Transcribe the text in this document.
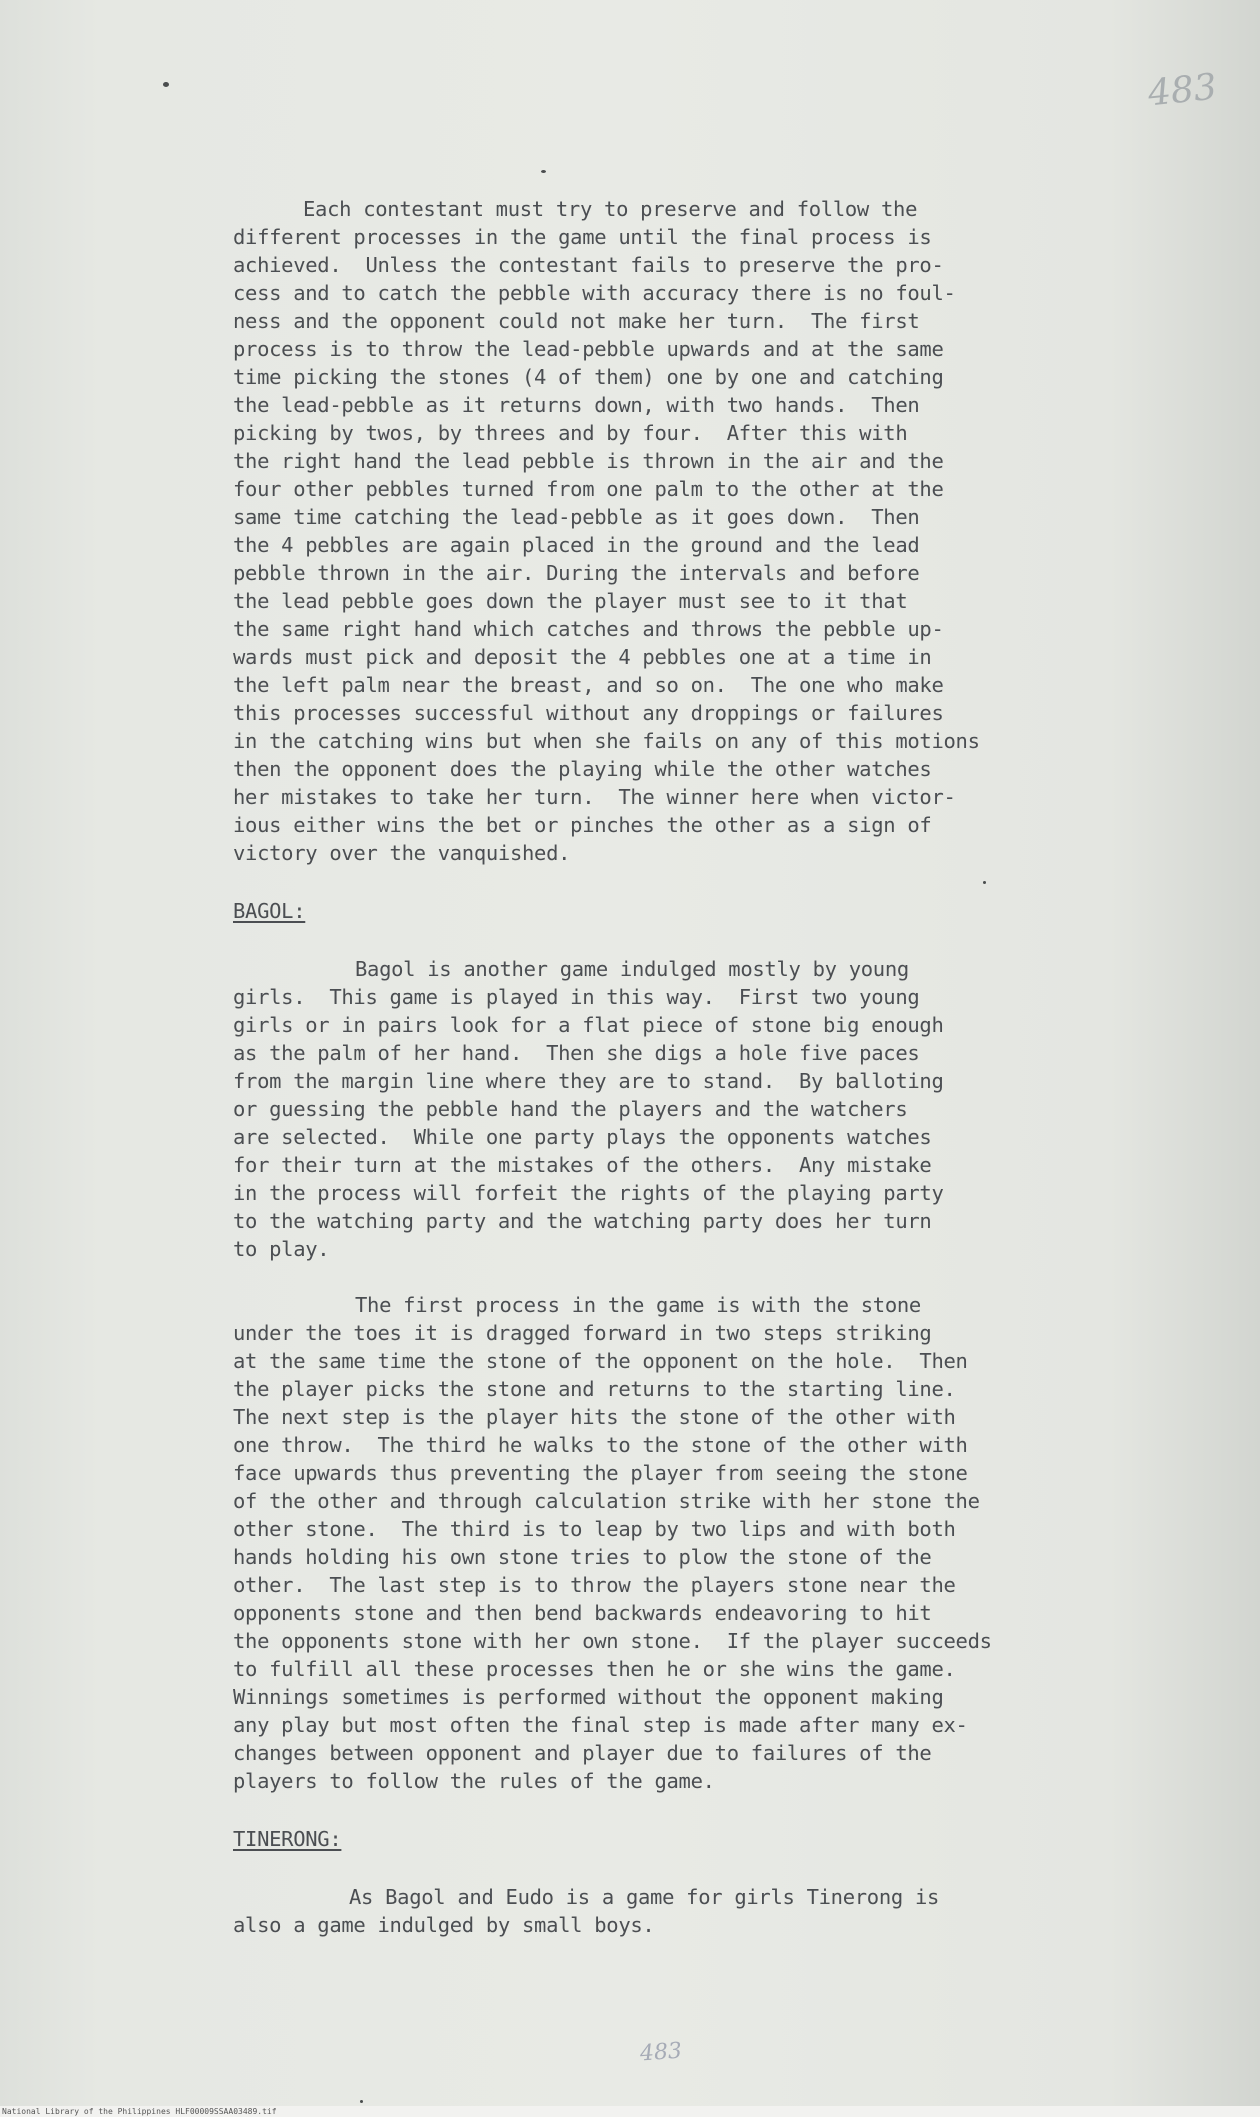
483

Each contestant must try to preserve and follow the
different processes in the game until the final process is
achieved.  Unless the contestant fails to preserve the pro-
cess and to catch the pebble with accuracy there is no foul-
ness and the opponent could not make her turn.  The first
process is to throw the lead-pebble upwards and at the same
time picking the stones (4 of them) one by one and catching
the lead-pebble as it returns down, with two hands.  Then
picking by twos, by threes and by four.  After this with
the right hand the lead pebble is thrown in the air and the
four other pebbles turned from one palm to the other at the
same time catching the lead-pebble as it goes down.  Then
the 4 pebbles are again placed in the ground and the lead
pebble thrown in the air. During the intervals and before
the lead pebble goes down the player must see to it that
the same right hand which catches and throws the pebble up-
wards must pick and deposit the 4 pebbles one at a time in
the left palm near the breast, and so on.  The one who make
this processes successful without any droppings or failures
in the catching wins but when she fails on any of this motions
then the opponent does the playing while the other watches
her mistakes to take her turn.  The winner here when victor-
ious either wins the bet or pinches the other as a sign of
victory over the vanquished.

BAGOL:

Bagol is another game indulged mostly by young
girls.  This game is played in this way.  First two young
girls or in pairs look for a flat piece of stone big enough
as the palm of her hand.  Then she digs a hole five paces
from the margin line where they are to stand.  By balloting
or guessing the pebble hand the players and the watchers
are selected.  While one party plays the opponents watches
for their turn at the mistakes of the others.  Any mistake
in the process will forfeit the rights of the playing party
to the watching party and the watching party does her turn
to play.

The first process in the game is with the stone
under the toes it is dragged forward in two steps striking
at the same time the stone of the opponent on the hole.  Then
the player picks the stone and returns to the starting line.
The next step is the player hits the stone of the other with
one throw.  The third he walks to the stone of the other with
face upwards thus preventing the player from seeing the stone
of the other and through calculation strike with her stone the
other stone.  The third is to leap by two lips and with both
hands holding his own stone tries to plow the stone of the
other.  The last step is to throw the players stone near the
opponents stone and then bend backwards endeavoring to hit
the opponents stone with her own stone.  If the player succeeds
to fulfill all these processes then he or she wins the game.
Winnings sometimes is performed without the opponent making
any play but most often the final step is made after many ex-
changes between opponent and player due to failures of the
players to follow the rules of the game.

TINERONG:

As Bagol and Eudo is a game for girls Tinerong is
also a game indulged by small boys.

483
National Library of the Philippines HLF00009SSAA03489.tif
